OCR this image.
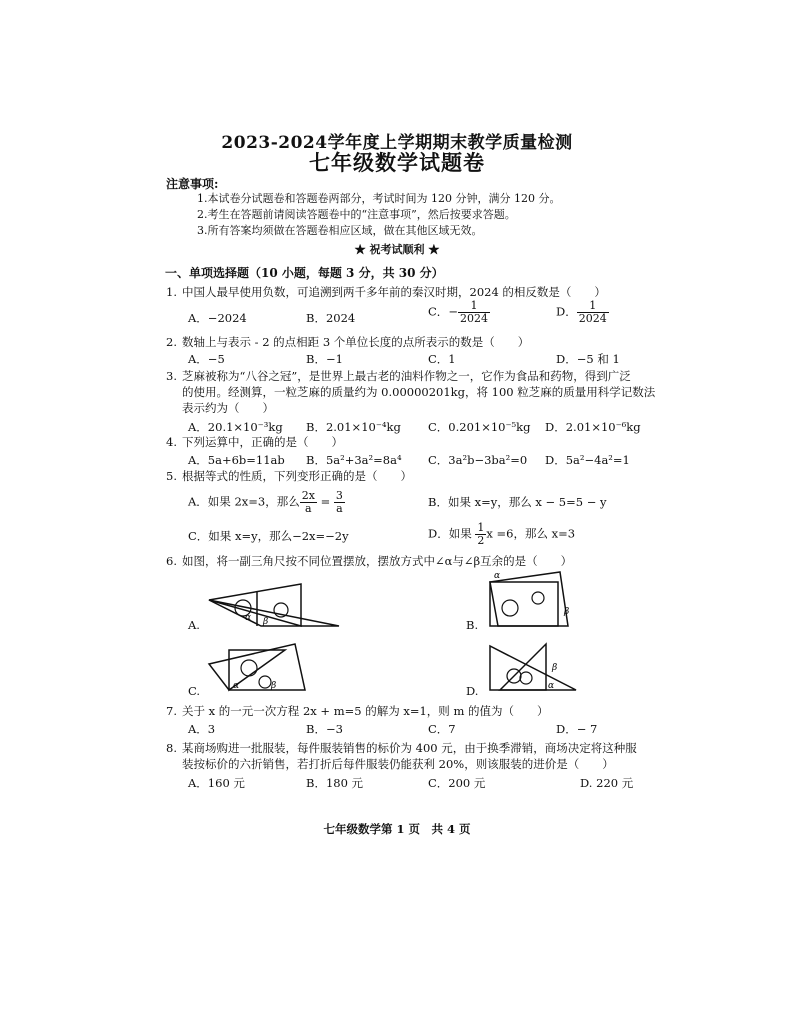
2023-2024学年度上学期期末教学质量检测
七年级数学试题卷
注意事项:
1.本试卷分试题卷和答题卷两部分，考试时间为 120 分钟，满分 120 分。
2.考生在答题前请阅读答题卷中的“注意事项”，然后按要求答题。
3.所有答案均须做在答题卷相应区域，做在其他区域无效。
★ 祝考试顺利 ★
一、单项选择题（10 小题，每题 3 分，共 30 分）
1. 中国人最早使用负数，可追溯到两千多年前的秦汉时期，2024 的相反数是（　　）
A．−2024	B．2024	C．− $\frac{1}{2024}$	D． $\frac{1}{2024}$
2. 数轴上与表示 - 2 的点相距 3 个单位长度的点所表示的数是（　　）
A．−5	B．−1	C．1	D．−5 和 1
3. 芝麻被称为“八谷之冠”，是世界上最古老的油料作物之一，它作为食品和药物，得到广泛
的使用。经测算，一粒芝麻的质量约为 0.00000201kg，将 100 粒芝麻的质量用科学记数法
表示约为（　　）
A．20.1×10⁻³kg B．2.01×10⁻⁴kg C．0.201×10⁻⁵kg D．2.01×10⁻⁶kg
4. 下列运算中，正确的是（　　）
A．5a+6b=11ab B．5a²+3a²=8a⁴ C．3a²b−3ba²=0 D．5a²−4a²=1
5. 根据等式的性质，下列变形正确的是（　　）
A．如果 2x=3，那么 $\frac{2x}{a} = \frac{3}{a}$	B．如果 x=y，那么 x − 5=5 − y
C．如果 x=y，那么−2x=−2y	D．如果 $\frac{1}{2}$ x =6，那么 x=3
6. 如图，将一副三角尺按不同位置摆放，摆放方式中∠α与∠β互余的是（　　）
A.	α β	B.
α
β
C.	α	β	D.	α
β
7. 关于 x 的一元一次方程 2x + m=5 的解为 x=1，则 m 的值为（　　）
A．3	B．−3	C．7	D．− 7
8. 某商场购进一批服装，每件服装销售的标价为 400 元，由于换季滞销，商场决定将这种服
装按标价的六折销售，若打折后每件服装仍能获利 20%，则该服装的进价是（　　）
A．160 元	B．180 元	C．200 元	D. 220 元
七年级数学第 1 页　共 4 页
